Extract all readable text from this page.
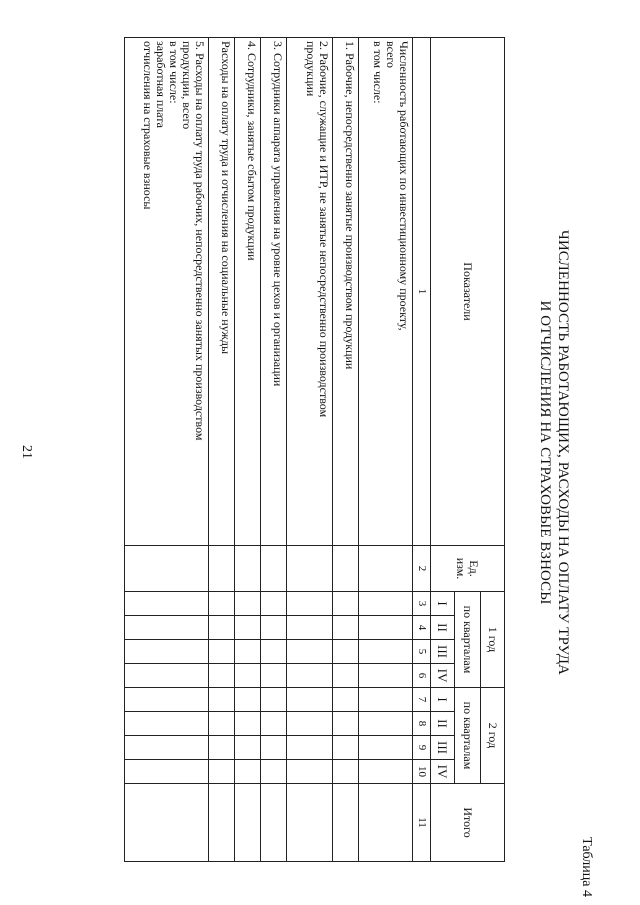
21
Таблица 4
ЧИСЛЕННОСТЬ РАБОТАЮЩИХ, РАСХОДЫ НА ОПЛАТУ ТРУДА
И ОТЧИСЛЕНИЯ НА СТРАХОВЫЕ ВЗНОСЫ
Показатели	Ед. изм.	1 год				2 год				Итого
		по кварталам				по кварталам				
		I	II	III	IV	I	II	III	IV	
1	2	3	4	5	6	7	8	9	10	11

Численность работающих по инвестиционному проекту,
всего
в том числе:										

1. Рабочие, непосредственно занятые производством продукции										

2. Рабочие, служащие и ИТР, не занятые непосредственно производством
продукции										

3. Сотрудники аппарата управления на уровне цехов и организации										

4. Сотрудники, занятые сбытом продукции										

Расходы на оплату труда и отчисления на социальные нужды										

5. Расходы на оплату труда рабочих, непосредственно занятых производством
продукции, всего
в том числе:
заработная плата
отчисления на страховые взносы										
